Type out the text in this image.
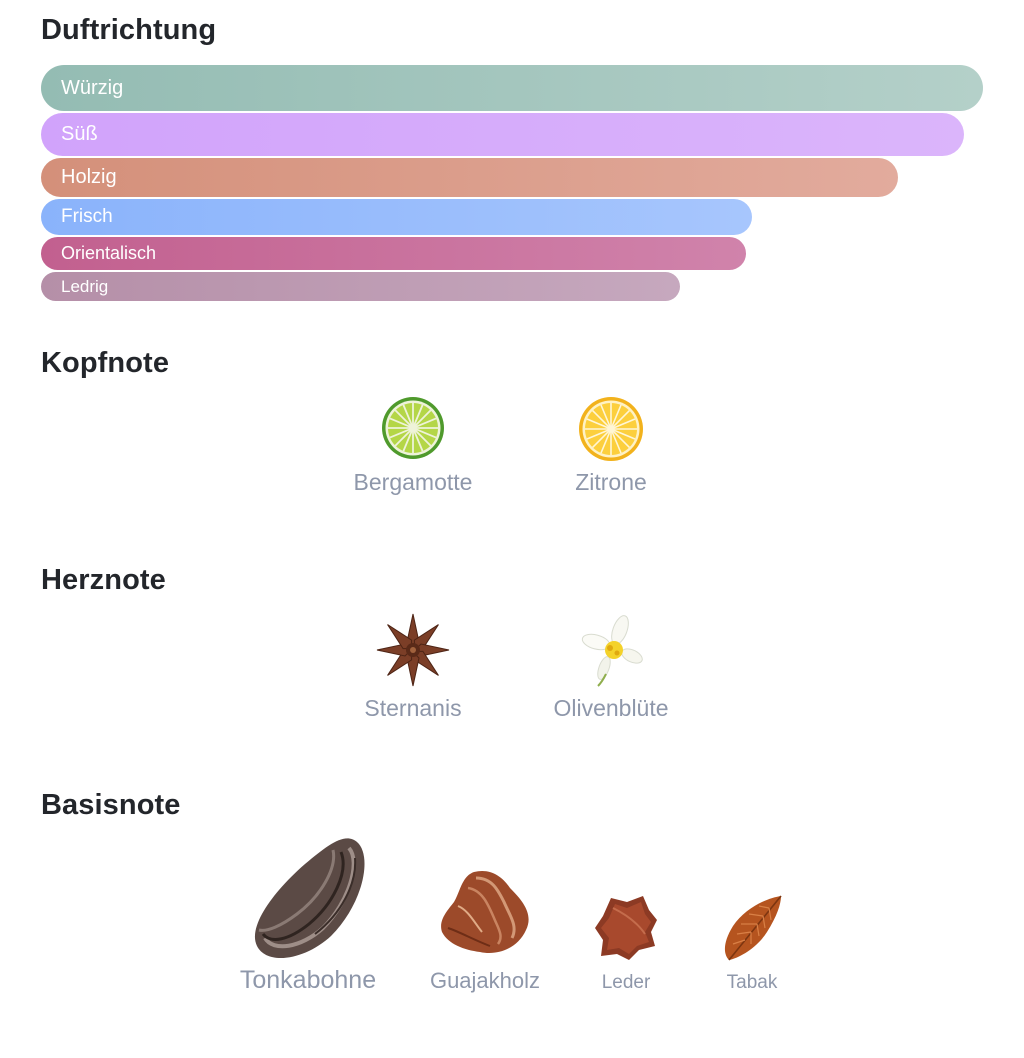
Duftrichtung
Würzig
Süß
Holzig
Frisch
Orientalisch
Ledrig
Kopfnote
Bergamotte	Zitrone
Herznote
Sternanis	Olivenblüte
Basisnote
Tonkabohne	Guajakholz	Leder	Tabak
